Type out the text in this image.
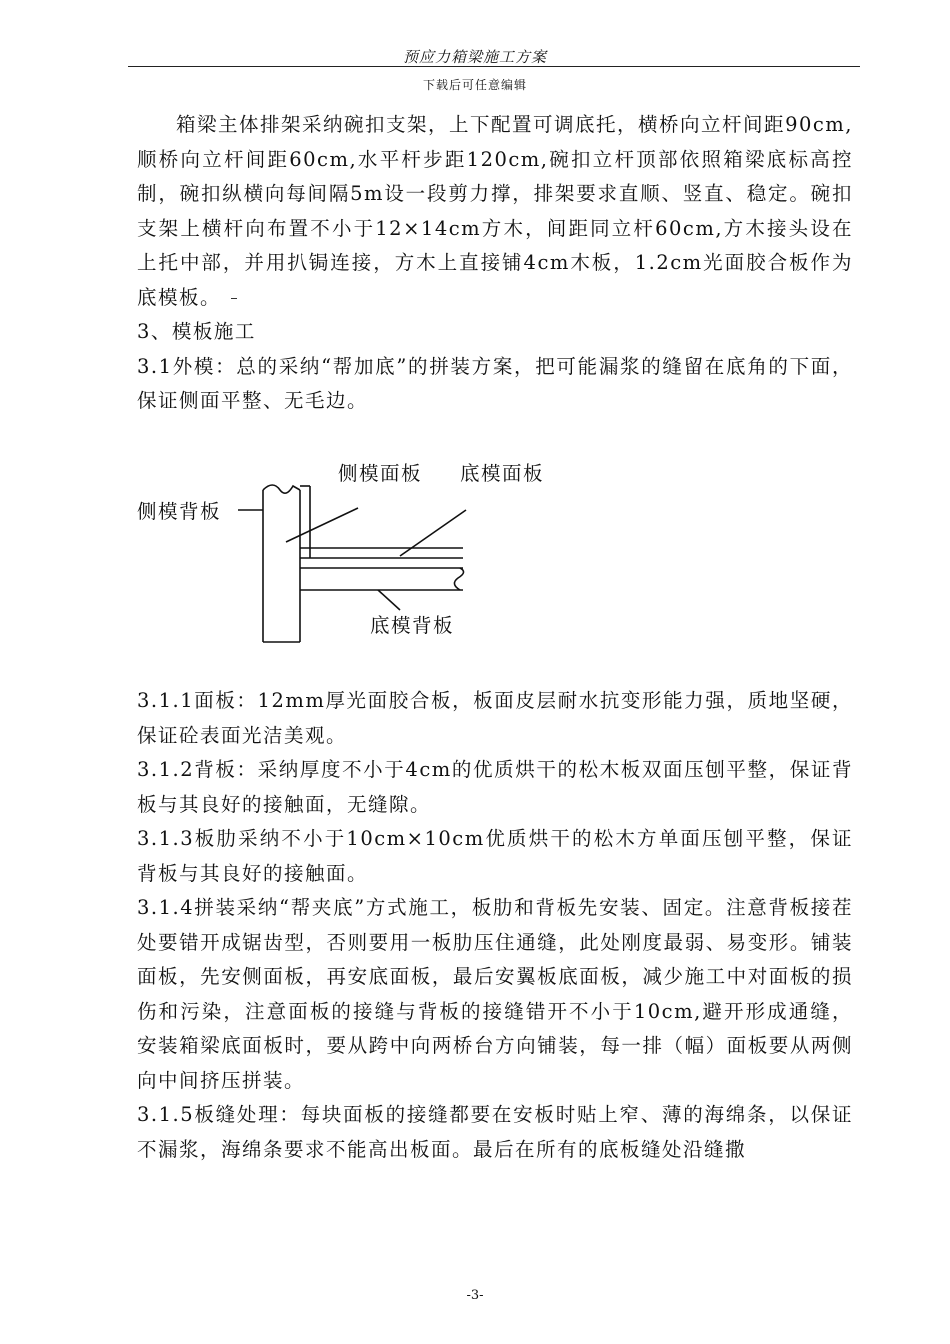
预应力箱梁施工方案
下载后可任意编辑

箱梁主体排架采纳碗扣支架，上下配置可调底托，横桥向立杆间距90cm,顺桥向立杆间距60cm,水平杆步距120cm,碗扣立杆顶部依照箱梁底标高控制，碗扣纵横向每间隔5m设一段剪力撑，排架要求直顺、竖直、稳定。碗扣支架上横杆向布置不小于12×14cm方木，间距同立杆60cm,方木接头设在上托中部，并用扒锔连接，方木上直接铺4cm木板，1.2cm光面胶合板作为底模板。

3、模板施工

3.1外模：总的采纳“帮加底”的拼装方案，把可能漏浆的缝留在底角的下面，保证侧面平整、无毛边。

侧模面板 底模面板
侧模背板
底模背板

3.1.1面板：12mm厚光面胶合板，板面皮层耐水抗变形能力强，质地坚硬，保证砼表面光洁美观。

3.1.2背板：采纳厚度不小于4cm的优质烘干的松木板双面压刨平整，保证背板与其良好的接触面，无缝隙。

3.1.3板肋采纳不小于10cm×10cm优质烘干的松木方单面压刨平整，保证背板与其良好的接触面。

3.1.4拼装采纳“帮夹底”方式施工，板肋和背板先安装、固定。注意背板接茬处要错开成锯齿型，否则要用一板肋压住通缝，此处刚度最弱、易变形。铺装面板，先安侧面板，再安底面板，最后安翼板底面板，减少施工中对面板的损伤和污染，注意面板的接缝与背板的接缝错开不小于10cm,避开形成通缝，安装箱梁底面板时，要从跨中向两桥台方向铺装，每一排（幅）面板要从两侧向中间挤压拼装。

3.1.5板缝处理：每块面板的接缝都要在安板时贴上窄、薄的海绵条，以保证不漏浆，海绵条要求不能高出板面。最后在所有的底板缝处沿缝撒

-3-
